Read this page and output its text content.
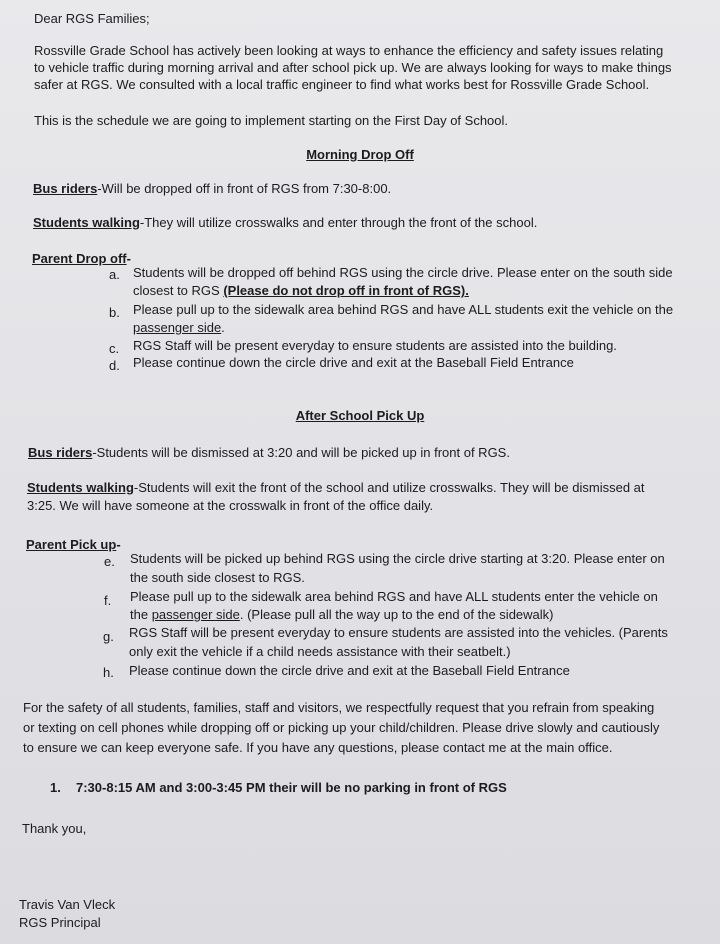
Dear RGS Families;

Rossville Grade School has actively been looking at ways to enhance the efficiency and safety issues relating

to vehicle traffic during morning arrival and after school pick up. We are always looking for ways to make things

safer at RGS. We consulted with a local traffic engineer to find what works best for Rossville Grade School.

This is the schedule we are going to implement starting on the First Day of School.

Morning Drop Off

Bus riders-Will be dropped off in front of RGS from 7:30-8:00.

Students walking-They will utilize crosswalks and enter through the front of the school.

Parent Drop off-

a. Students will be dropped off behind RGS using the circle drive. Please enter on the south side

closest to RGS (Please do not drop off in front of RGS).

b. Please pull up to the sidewalk area behind RGS and have ALL students exit the vehicle on the

passenger side.

c. RGS Staff will be present everyday to ensure students are assisted into the building.

d. Please continue down the circle drive and exit at the Baseball Field Entrance

After School Pick Up

Bus riders-Students will be dismissed at 3:20 and will be picked up in front of RGS.

Students walking-Students will exit the front of the school and utilize crosswalks. They will be dismissed at

3:25. We will have someone at the crosswalk in front of the office daily.

Parent Pick up-

e. Students will be picked up behind RGS using the circle drive starting at 3:20. Please enter on

the south side closest to RGS.

f. Please pull up to the sidewalk area behind RGS and have ALL students enter the vehicle on

the passenger side. (Please pull all the way up to the end of the sidewalk)

g. RGS Staff will be present everyday to ensure students are assisted into the vehicles. (Parents

only exit the vehicle if a child needs assistance with their seatbelt.)

h. Please continue down the circle drive and exit at the Baseball Field Entrance

For the safety of all students, families, staff and visitors, we respectfully request that you refrain from speaking

or texting on cell phones while dropping off or picking up your child/children. Please drive slowly and cautiously

to ensure we can keep everyone safe. If you have any questions, please contact me at the main office.

1. 7:30-8:15 AM and 3:00-3:45 PM their will be no parking in front of RGS

Thank you,

Travis Van Vleck

RGS Principal
